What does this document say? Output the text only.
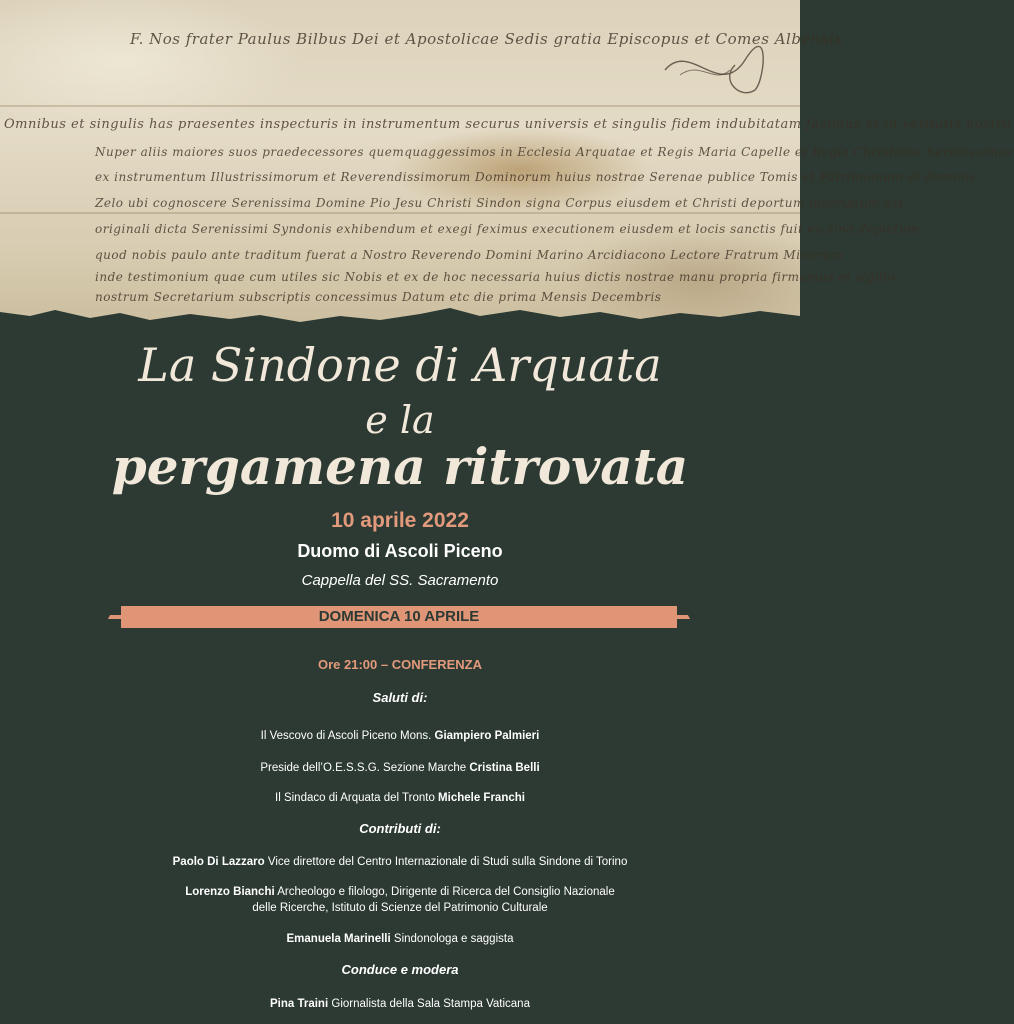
F. Nos frater Paulus Bilbus Dei et Apostolicae Sedis gratia Episcopus et Comes Albensis
Omnibus et singulis has praesentes inspecturis in instrumentum securus universis et singulis fidem indubitatam facimus et in veritatis nostro
Nuper aliis maiores suos praedecessores quemquaggessimos in Ecclesia Arquatae et Regis Maria Capelle et Regia Christiane Serenissimae
ex instrumentum Illustrissimorum et Reverendissimorum Dominorum huius nostrae Serenae publice Tomis et Patrimonium et dominis
Zelo ubi cognoscere Serenissima Domine Pio Jesu Christi Sindon signa Corpus eiusdem et Christi deportum inscriptum est
originali dicta Serenissimi Syndonis exhibendum et exegi feximus executionem eiusdem et locis sanctis fuit ea sina depictum
quod nobis paulo ante traditum fuerat a Nostro Reverendo Domini Marino Arcidiacono Lectore Fratrum Minorum
inde testimonium quae cum utiles sic Nobis et ex de hoc necessaria huius dictis nostrae manu propria firmamus et sigillo
nostrum Secretarium subscriptis concessimus Datum etc die prima Mensis Decembris
La Sindone di Arquata
e la
pergamena ritrovata
10 aprile 2022
Duomo di Ascoli Piceno
Cappella del SS. Sacramento
DOMENICA 10 APRILE
Ore 21:00 – CONFERENZA
Saluti di:
Il Vescovo di Ascoli Piceno Mons. Giampiero Palmieri
Preside dell’O.E.S.S.G. Sezione Marche Cristina Belli
Il Sindaco di Arquata del Tronto Michele Franchi
Contributi di:
Paolo Di Lazzaro Vice direttore del Centro Internazionale di Studi sulla Sindone di Torino
Lorenzo Bianchi Archeologo e filologo, Dirigente di Ricerca del Consiglio Nazionale
delle Ricerche, Istituto di Scienze del Patrimonio Culturale
Emanuela Marinelli Sindonologa e saggista
Conduce e modera
Pina Traini Giornalista della Sala Stampa Vaticana
